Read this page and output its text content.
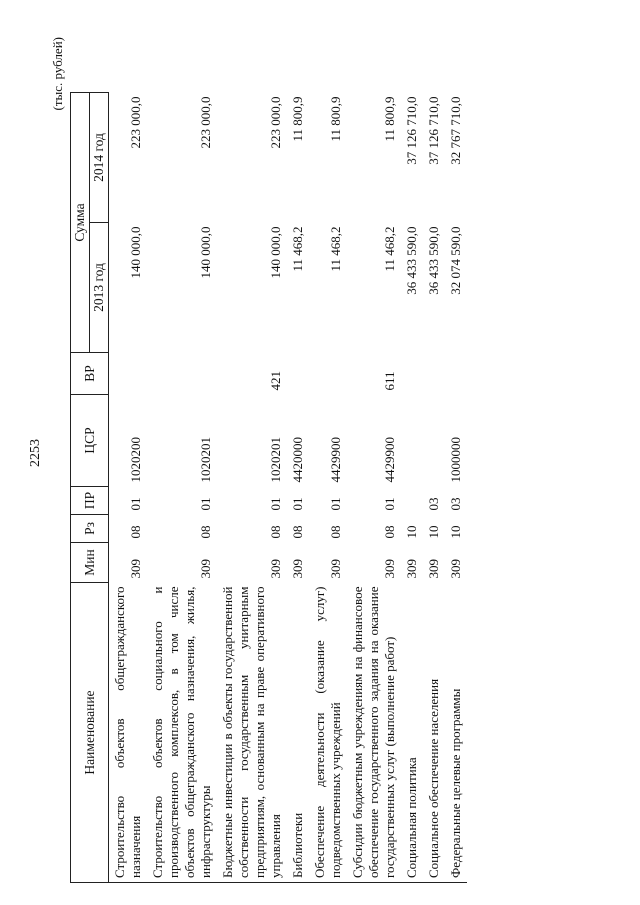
2253
(тыс. рублей)
Наименование	Мин	Рз	ПР	ЦСР	ВР	Сумма	
						2013 год	2014 год
Строительство объектов общегражданского назначения	309	08	01	1020200		140 000,0	223 000,0
Строительство объектов социального и производственного комплексов, в том числе объектов общегражданского назначения, жилья, инфраструктуры	309	08	01	1020201		140 000,0	223 000,0
Бюджетные инвестиции в объекты государственной собственности государственным унитарным предприятиям, основанным на праве оперативного управления	309	08	01	1020201	421	140 000,0	223 000,0
Библиотеки	309	08	01	4420000		11 468,2	11 800,9
Обеспечение деятельности (оказание услуг) подведомственных учреждений	309	08	01	4429900		11 468,2	11 800,9
Субсидии бюджетным учреждениям на финансовое обеспечение государственного задания на оказание государственных услуг (выполнение работ)	309	08	01	4429900	611	11 468,2	11 800,9
Социальная политика	309	10				36 433 590,0	37 126 710,0
Социальное обеспечение населения	309	10	03			36 433 590,0	37 126 710,0
Федеральные целевые программы	309	10	03	1000000		32 074 590,0	32 767 710,0
